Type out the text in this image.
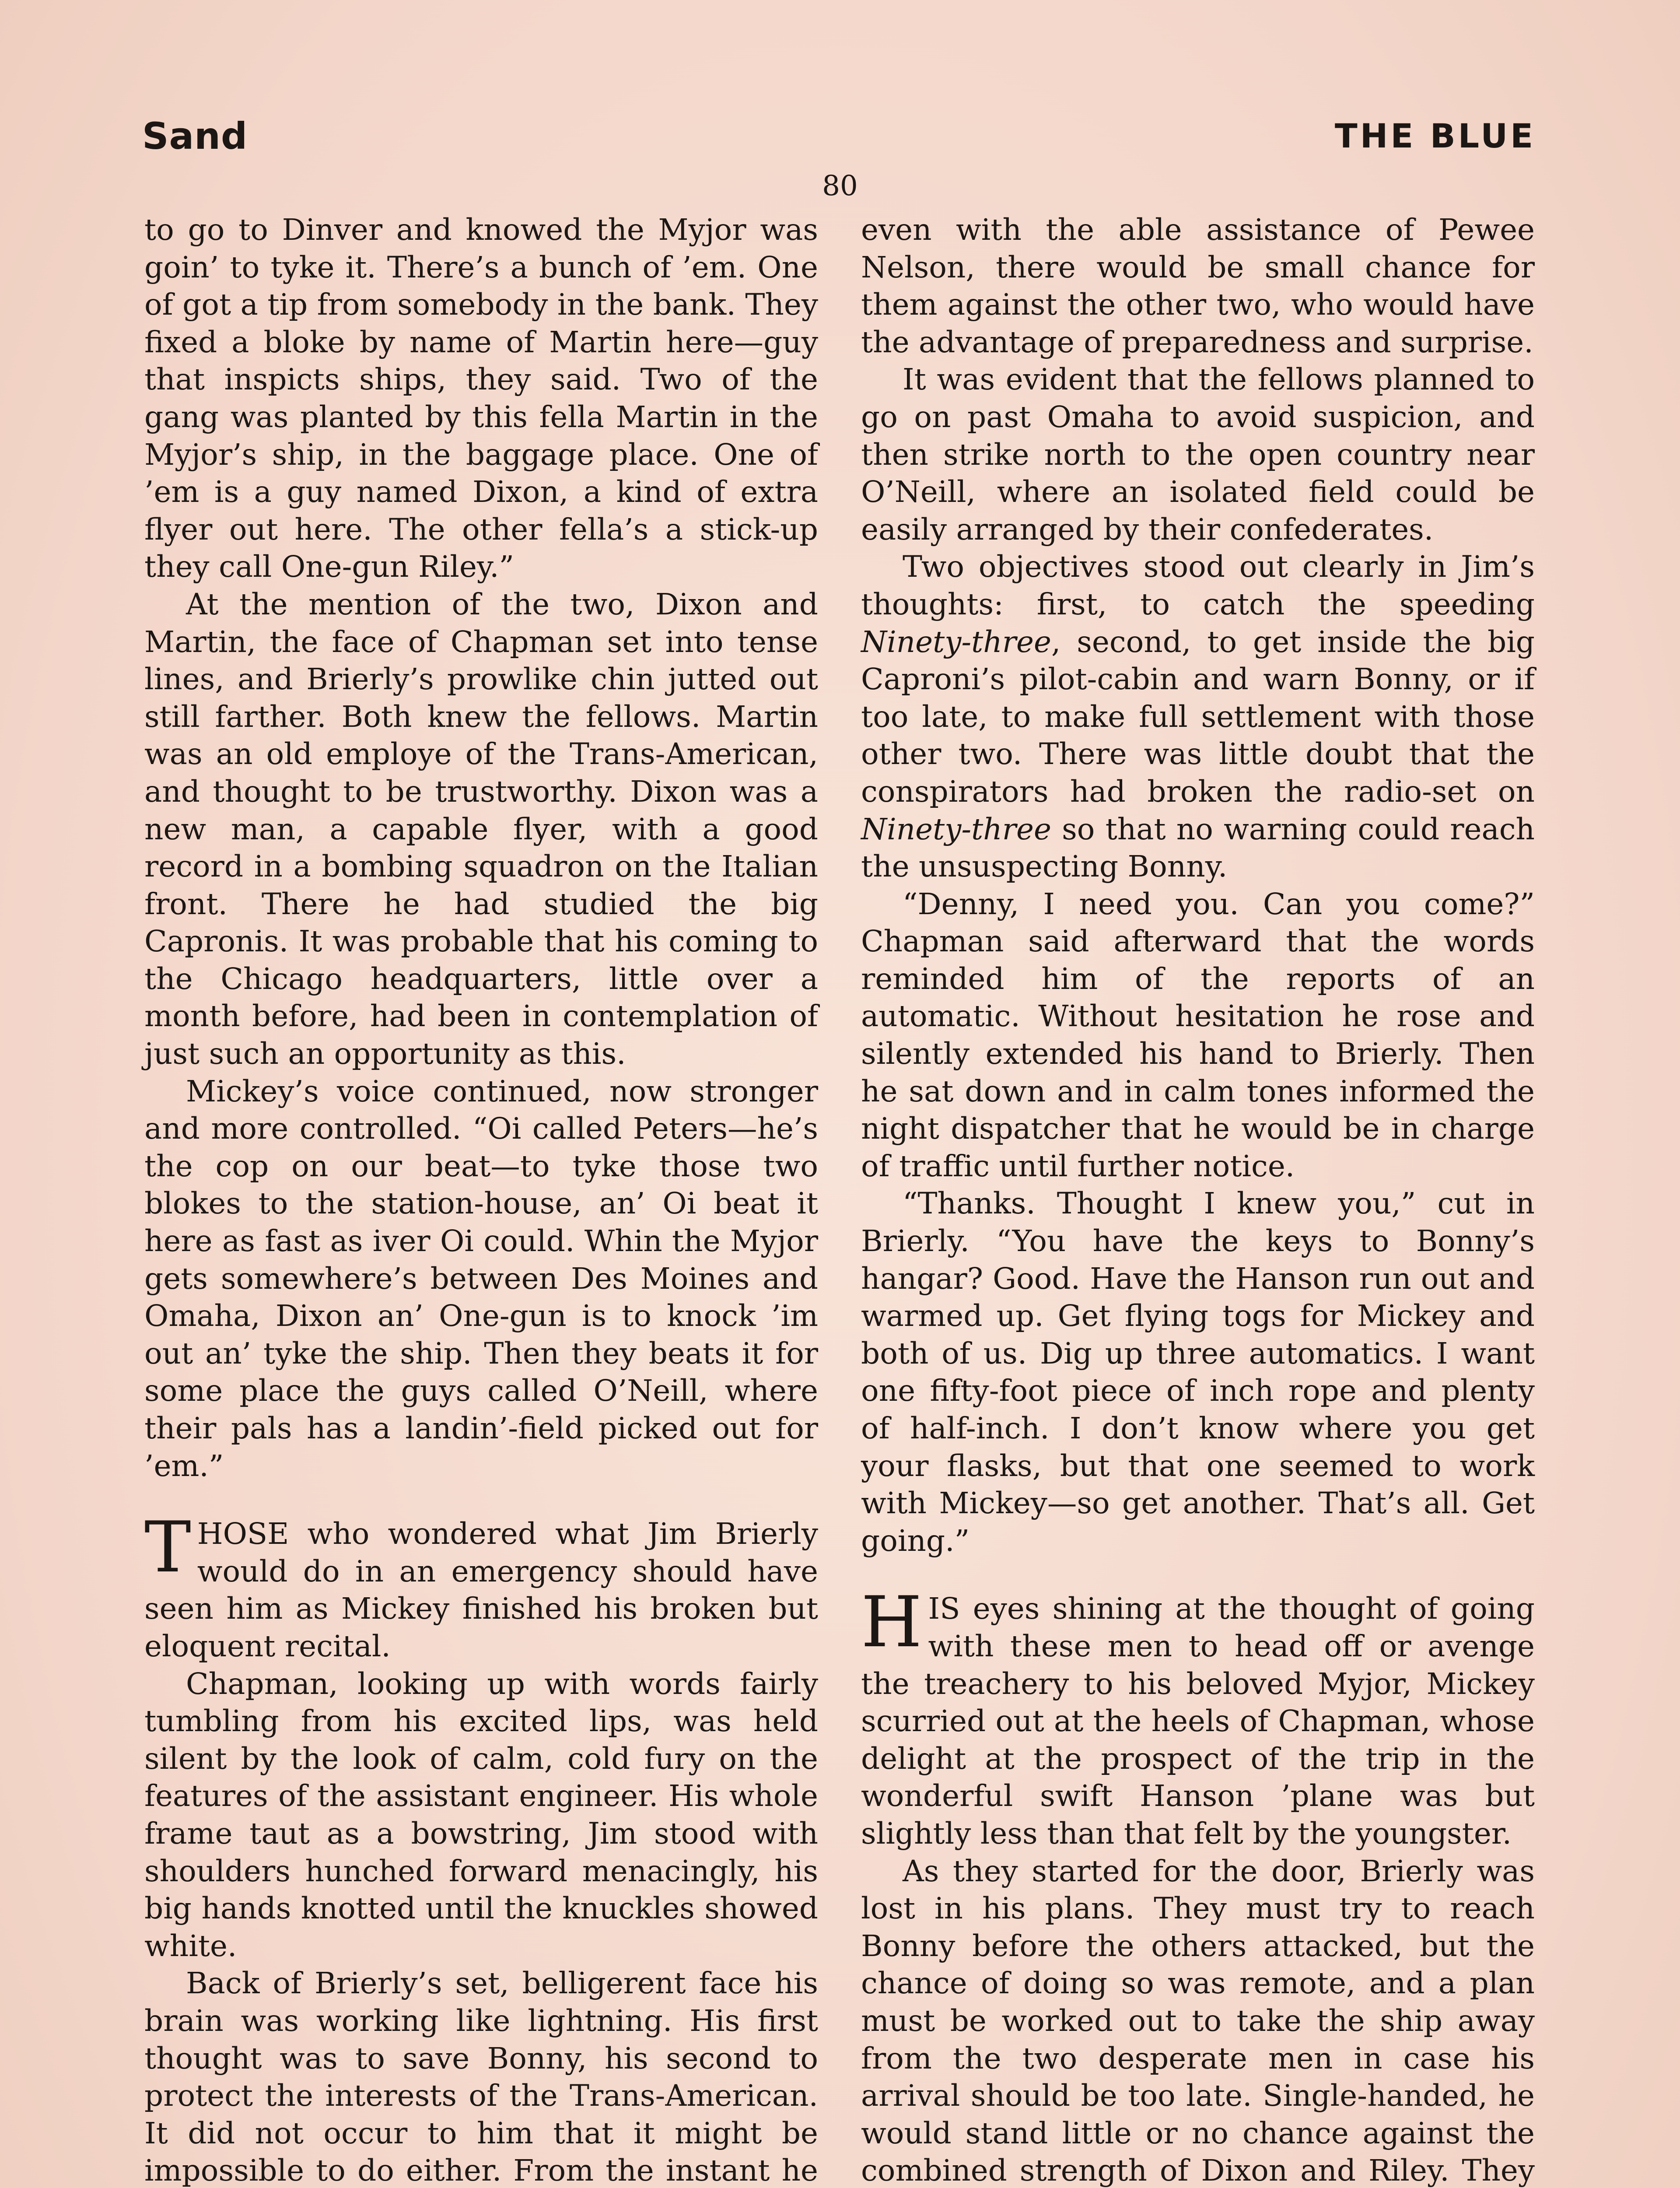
Sand	THE BLUE
80

to go to Dinver and knowed the Myjor was goin’ to tyke it. There’s a bunch of ’em. One of got a tip from somebody in the bank. They fixed a bloke by name of Martin here—guy that inspicts ships, they said. Two of the gang was planted by this fella Martin in the Myjor’s ship, in the baggage place. One of ’em is a guy named Dixon, a kind of extra flyer out here. The other fella’s a stick-up they call One-gun Riley.”

At the mention of the two, Dixon and Martin, the face of Chapman set into tense lines, and Brierly’s prowlike chin jutted out still farther. Both knew the fellows. Martin was an old employe of the Trans-American, and thought to be trustworthy. Dixon was a new man, a capable flyer, with a good record in a bombing squadron on the Italian front. There he had studied the big Capronis. It was probable that his coming to the Chicago headquarters, little over a month before, had been in contemplation of just such an opportunity as this.

Mickey’s voice continued, now stronger and more controlled. “Oi called Peters—he’s the cop on our beat—to tyke those two blokes to the station-house, an’ Oi beat it here as fast as iver Oi could. Whin the Myjor gets somewhere’s between Des Moines and Omaha, Dixon an’ One-gun is to knock ’im out an’ tyke the ship. Then they beats it for some place the guys called O’Neill, where their pals has a landin’-field picked out for ’em.”

THOSE who wondered what Jim Brierly would do in an emergency should have seen him as Mickey finished his broken but eloquent recital.

Chapman, looking up with words fairly tumbling from his excited lips, was held silent by the look of calm, cold fury on the features of the assistant engineer. His whole frame taut as a bowstring, Jim stood with shoulders hunched forward menacingly, his big hands knotted until the knuckles showed white.

Back of Brierly’s set, belligerent face his brain was working like lightning. His first thought was to save Bonny, his second to protect the interests of the Trans-American. It did not occur to him that it might be impossible to do either. From the instant he

even with the able assistance of Pewee Nelson, there would be small chance for them against the other two, who would have the advantage of preparedness and surprise.

It was evident that the fellows planned to go on past Omaha to avoid suspicion, and then strike north to the open country near O’Neill, where an isolated field could be easily arranged by their confederates.

Two objectives stood out clearly in Jim’s thoughts: first, to catch the speeding Ninety-three, second, to get inside the big Caproni’s pilot-cabin and warn Bonny, or if too late, to make full settlement with those other two. There was little doubt that the conspirators had broken the radio-set on Ninety-three so that no warning could reach the unsuspecting Bonny.

“Denny, I need you. Can you come?” Chapman said afterward that the words reminded him of the reports of an automatic. Without hesitation he rose and silently extended his hand to Brierly. Then he sat down and in calm tones informed the night dispatcher that he would be in charge of traffic until further notice.

“Thanks. Thought I knew you,” cut in Brierly. “You have the keys to Bonny’s hangar? Good. Have the Hanson run out and warmed up. Get flying togs for Mickey and both of us. Dig up three automatics. I want one fifty-foot piece of inch rope and plenty of half-inch. I don’t know where you get your flasks, but that one seemed to work with Mickey—so get another. That’s all. Get going.”

HIS eyes shining at the thought of going with these men to head off or avenge the treachery to his beloved Myjor, Mickey scurried out at the heels of Chapman, whose delight at the prospect of the trip in the wonderful swift Hanson ’plane was but slightly less than that felt by the youngster.

As they started for the door, Brierly was lost in his plans. They must try to reach Bonny before the others attacked, but the chance of doing so was remote, and a plan must be worked out to take the ship away from the two desperate men in case his arrival should be too late. Single-handed, he would stand little or no chance against the combined strength of Dixon and Riley. They
